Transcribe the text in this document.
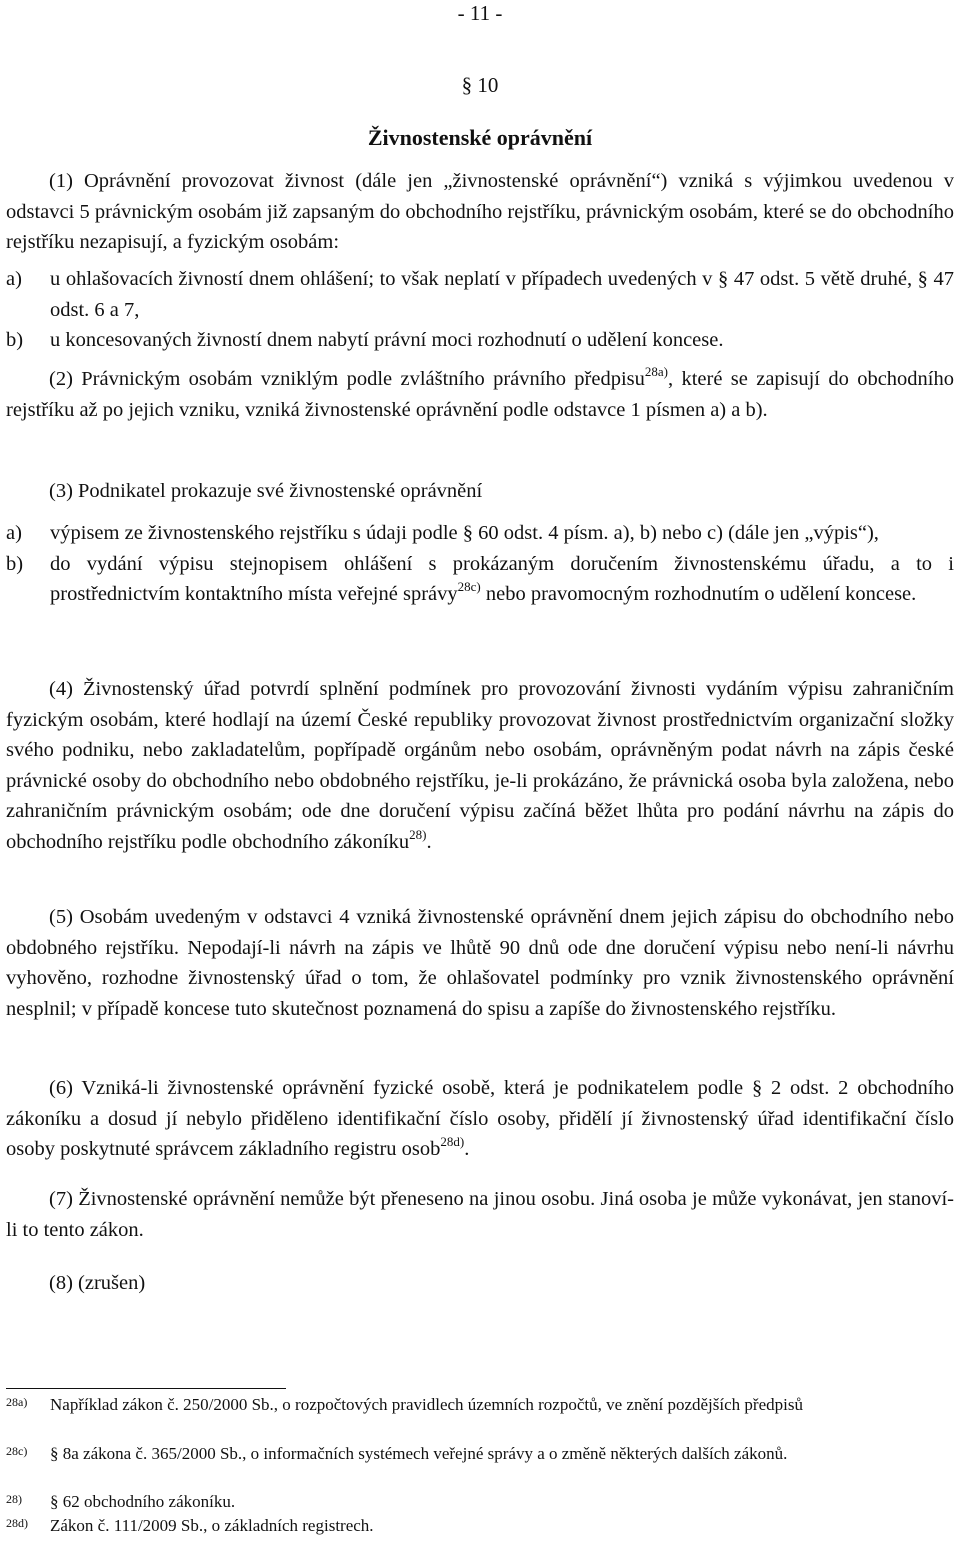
- 11 -
§ 10
Živnostenské oprávnění
(1) Oprávnění provozovat živnost (dále jen „živnostenské oprávnění“) vzniká s výjimkou uvedenou v odstavci 5 právnickým osobám již zapsaným do obchodního rejstříku, právnickým osobám, které se do obchodního rejstříku nezapisují, a fyzickým osobám:
a) u ohlašovacích živností dnem ohlášení; to však neplatí v případech uvedených v § 47 odst. 5 větě druhé, § 47 odst. 6 a 7,
b) u koncesovaných živností dnem nabytí právní moci rozhodnutí o udělení koncese.
(2) Právnickým osobám vzniklým podle zvláštního právního předpisu$^{28a)}$, které se zapisují do obchodního rejstříku až po jejich vzniku, vzniká živnostenské oprávnění podle odstavce 1 písmen a) a b).
(3) Podnikatel prokazuje své živnostenské oprávnění
a) výpisem ze živnostenského rejstříku s údaji podle § 60 odst. 4 písm. a), b) nebo c) (dále jen „výpis“),
b) do vydání výpisu stejnopisem ohlášení s prokázaným doručením živnostenskému úřadu, a to i prostřednictvím kontaktního místa veřejné správy$^{28c)}$ nebo pravomocným rozhodnutím o udělení koncese.
(4) Živnostenský úřad potvrdí splnění podmínek pro provozování živnosti vydáním výpisu zahraničním fyzickým osobám, které hodlají na území České republiky provozovat živnost prostřednictvím organizační složky svého podniku, nebo zakladatelům, popřípadě orgánům nebo osobám, oprávněným podat návrh na zápis české právnické osoby do obchodního nebo obdobného rejstříku, je-li prokázáno, že právnická osoba byla založena, nebo zahraničním právnickým osobám; ode dne doručení výpisu začíná běžet lhůta pro podání návrhu na zápis do obchodního rejstříku podle obchodního zákoníku$^{28)}$.
(5) Osobám uvedeným v odstavci 4 vzniká živnostenské oprávnění dnem jejich zápisu do obchodního nebo obdobného rejstříku. Nepodají-li návrh na zápis ve lhůtě 90 dnů ode dne doručení výpisu nebo není-li návrhu vyhověno, rozhodne živnostenský úřad o tom, že ohlašovatel podmínky pro vznik živnostenského oprávnění nesplnil; v případě koncese tuto skutečnost poznamená do spisu a zapíše do živnostenského rejstříku.
(6) Vzniká-li živnostenské oprávnění fyzické osobě, která je podnikatelem podle § 2 odst. 2 obchodního zákoníku a dosud jí nebylo přiděleno identifikační číslo osoby, přidělí jí živnostenský úřad identifikační číslo osoby poskytnuté správcem základního registru osob$^{28d)}$.
(7) Živnostenské oprávnění nemůže být přeneseno na jinou osobu. Jiná osoba je může vykonávat, jen stanoví-li to tento zákon.
(8) (zrušen)
28a)	Například zákon č. 250/2000 Sb., o rozpočtových pravidlech územních rozpočtů, ve znění pozdějších předpisů
28c)	§ 8a zákona č. 365/2000 Sb., o informačních systémech veřejné správy a o změně některých dalších zákonů.
28)	§ 62 obchodního zákoníku.
28d)	Zákon č. 111/2009 Sb., o základních registrech.
